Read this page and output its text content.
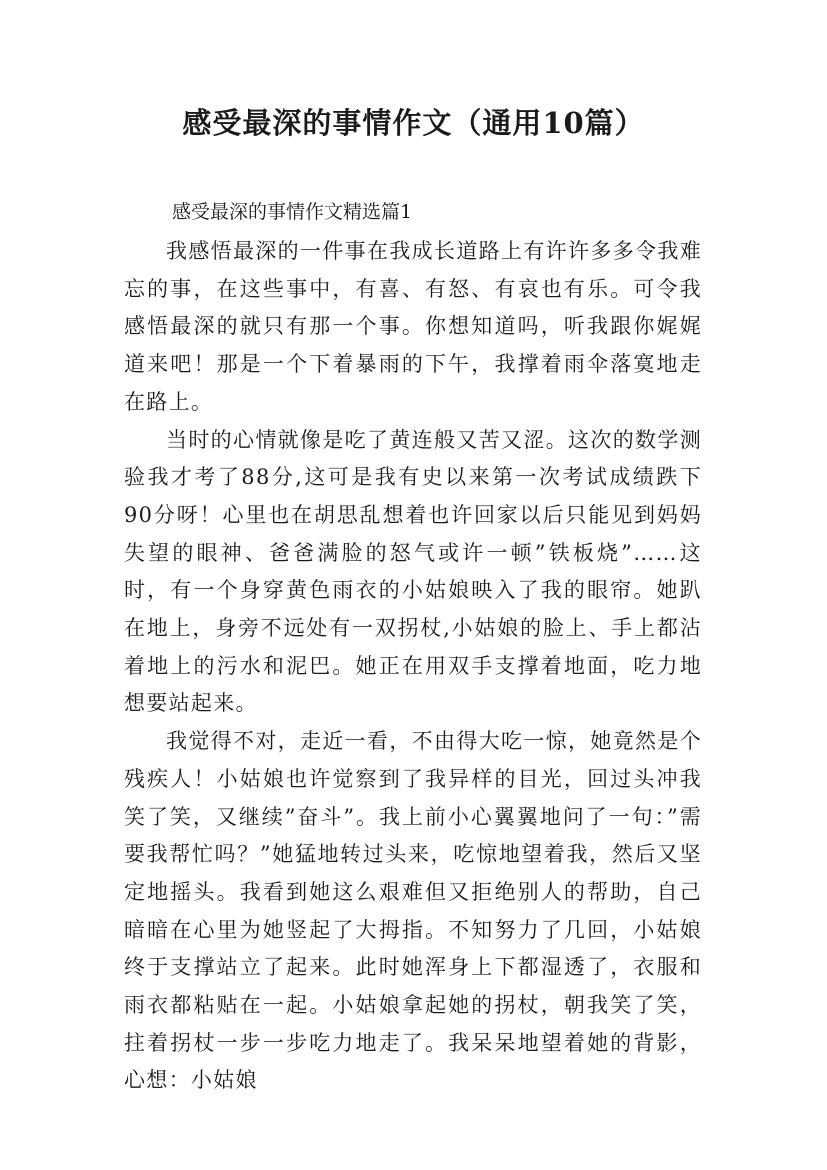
感受最深的事情作文（通用10篇）
感受最深的事情作文精选篇1

我感悟最深的一件事在我成长道路上有许许多多令我难忘的事，在这些事中，有喜、有怒、有哀也有乐。可令我感悟最深的就只有那一个事。你想知道吗，听我跟你娓娓道来吧！那是一个下着暴雨的下午，我撑着雨伞落寞地走在路上。

当时的心情就像是吃了黄连般又苦又涩。这次的数学测验我才考了88分,这可是我有史以来第一次考试成绩跌下90分呀！心里也在胡思乱想着也许回家以后只能见到妈妈失望的眼神、爸爸满脸的怒气或许一顿”铁板烧”……这时，有一个身穿黄色雨衣的小姑娘映入了我的眼帘。她趴在地上，身旁不远处有一双拐杖,小姑娘的脸上、手上都沾着地上的污水和泥巴。她正在用双手支撑着地面，吃力地想要站起来。

我觉得不对，走近一看，不由得大吃一惊，她竟然是个残疾人！小姑娘也许觉察到了我异样的目光，回过头冲我笑了笑，又继续”奋斗”。我上前小心翼翼地问了一句：”需要我帮忙吗？”她猛地转过头来，吃惊地望着我，然后又坚定地摇头。我看到她这么艰难但又拒绝别人的帮助，自己暗暗在心里为她竖起了大拇指。不知努力了几回，小姑娘终于支撑站立了起来。此时她浑身上下都湿透了，衣服和雨衣都粘贴在一起。小姑娘拿起她的拐杖，朝我笑了笑，拄着拐杖一步一步吃力地走了。我呆呆地望着她的背影，心想：小姑娘
